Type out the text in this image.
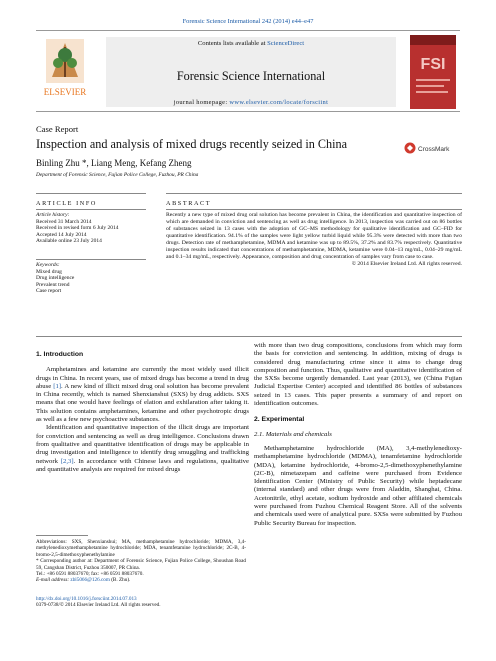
Forensic Science International 242 (2014) e44–e47
ELSEVIER
Contents lists available at ScienceDirect
Forensic Science International
journal homepage: www.elsevier.com/locate/forsciint
FSI
Case Report
Inspection and analysis of mixed drugs recently seized in China	CrossMark
Binling Zhu *, Liang Meng, Kefang Zheng
Department of Forensic Science, Fujian Police College, Fuzhou, PR China
ARTICLE INFO	ABSTRACT
Article history:
Received 31 March 2014
Received in revised form 6 July 2014
Accepted 14 July 2014
Available online 23 July 2014
Keywords:
Mixed drug
Drug intelligence
Prevalent trend
Case report
Recently a new type of mixed drug oral solution has become prevalent in China, the identification and quantitative inspection of which are demanded in conviction and sentencing as well as drug intelligence. In 2013, inspection was carried out on 86 bottles of substances seized in 13 cases with the adoption of GC–MS methodology for qualitative identification and GC–FID for quantitative identification. 94.1% of the samples were light yellow turbid liquid while 95.3% were detected with more than two drugs. Detection rate of methamphetamine, MDMA and ketamine was up to 89.5%, 37.2% and 83.7% respectively. Quantitative inspection results indicated that concentrations of methamphetamine, MDMA, ketamine were 0.04–13 mg/mL, 0.04–29 mg/mL and 0.1–34 mg/mL, respectively. Appearance, composition and drug concentration of samples vary from case to case.
© 2014 Elsevier Ireland Ltd. All rights reserved.
1. Introduction
Amphetamines and ketamine are currently the most widely used illicit drugs in China. In recent years, use of mixed drugs has become a trend in drug abuse [1]. A new kind of illicit mixed drug oral solution has become prevalent in China recently, which is named Shenxianshui (SXS) by drug addicts. SXS means that one would have feelings of elation and exhilaration after taking it. This solution contains amphetamines, ketamine and other psychotropic drugs as well as a few new psychoactive substances.
Identification and quantitative inspection of the illicit drugs are important for conviction and sentencing as well as drug intelligence. Conclusions drawn from qualitative and quantitative identification of drugs may be applicable in drug investigation and intelligence to identify drug smuggling and trafficking network [2,3]. In accordance with Chinese laws and regulations, qualitative and quantitative analysis are required for mixed drugs
Abbreviations: SXS, Shenxianshui; MA, methamphetamine hydrochloride; MDMA, 3,4-methylenedioxymethamphetamine hydrochloride; MDA, tenamfetamine hydrochloride; 2C-B, 4-bromo-2,5-dimethoxyphenethylamine
* Corresponding author at: Department of Forensic Science, Fujian Police College, Shoushan Road 59, Cangshan District, Fuzhou 350007, PR China.
Tel.: +86 0591 88037670; fax: +86 0591 88037670.
E-mail address: zbl5066@126.com (B. Zhu).
http://dx.doi.org/10.1016/j.forsciint.2014.07.013
0379-0738/© 2014 Elsevier Ireland Ltd. All rights reserved.
with more than two drug compositions, conclusions from which may form the basis for conviction and sentencing. In addition, mixing of drugs is considered drug manufacturing crime since it aims to change drug composition and function. Thus, qualitative and quantitative identification of the SXSs become urgently demanded. Last year (2013), we (China Fujian Judicial Expertise Center) accepted and identified 86 bottles of substances seized in 13 cases. This paper presents a summary of and report on identification outcomes.
2. Experimental
2.1. Materials and chemicals
Methamphetamine hydrochloride (MA), 3,4-methylenedioxy-methamphetamine hydrochloride (MDMA), tenamfetamine hydrochloride (MDA), ketamine hydrochloride, 4-bromo-2,5-dimethoxyphenethylamine (2C-B), nimetazepam and caffeine were purchased from Evidence Identification Center (Ministry of Public Security) while heptadecane (internal standard) and other drugs were from Aladdin, Shanghai, China. Acetonitrile, ethyl acetate, sodium hydroxide and other affiliated chemicals were purchased from Fuzhou Chemical Reagent Store. All of the solvents and chemicals used were of analytical pure. SXSs were submitted by Fuzhou Public Security Bureau for inspection.
